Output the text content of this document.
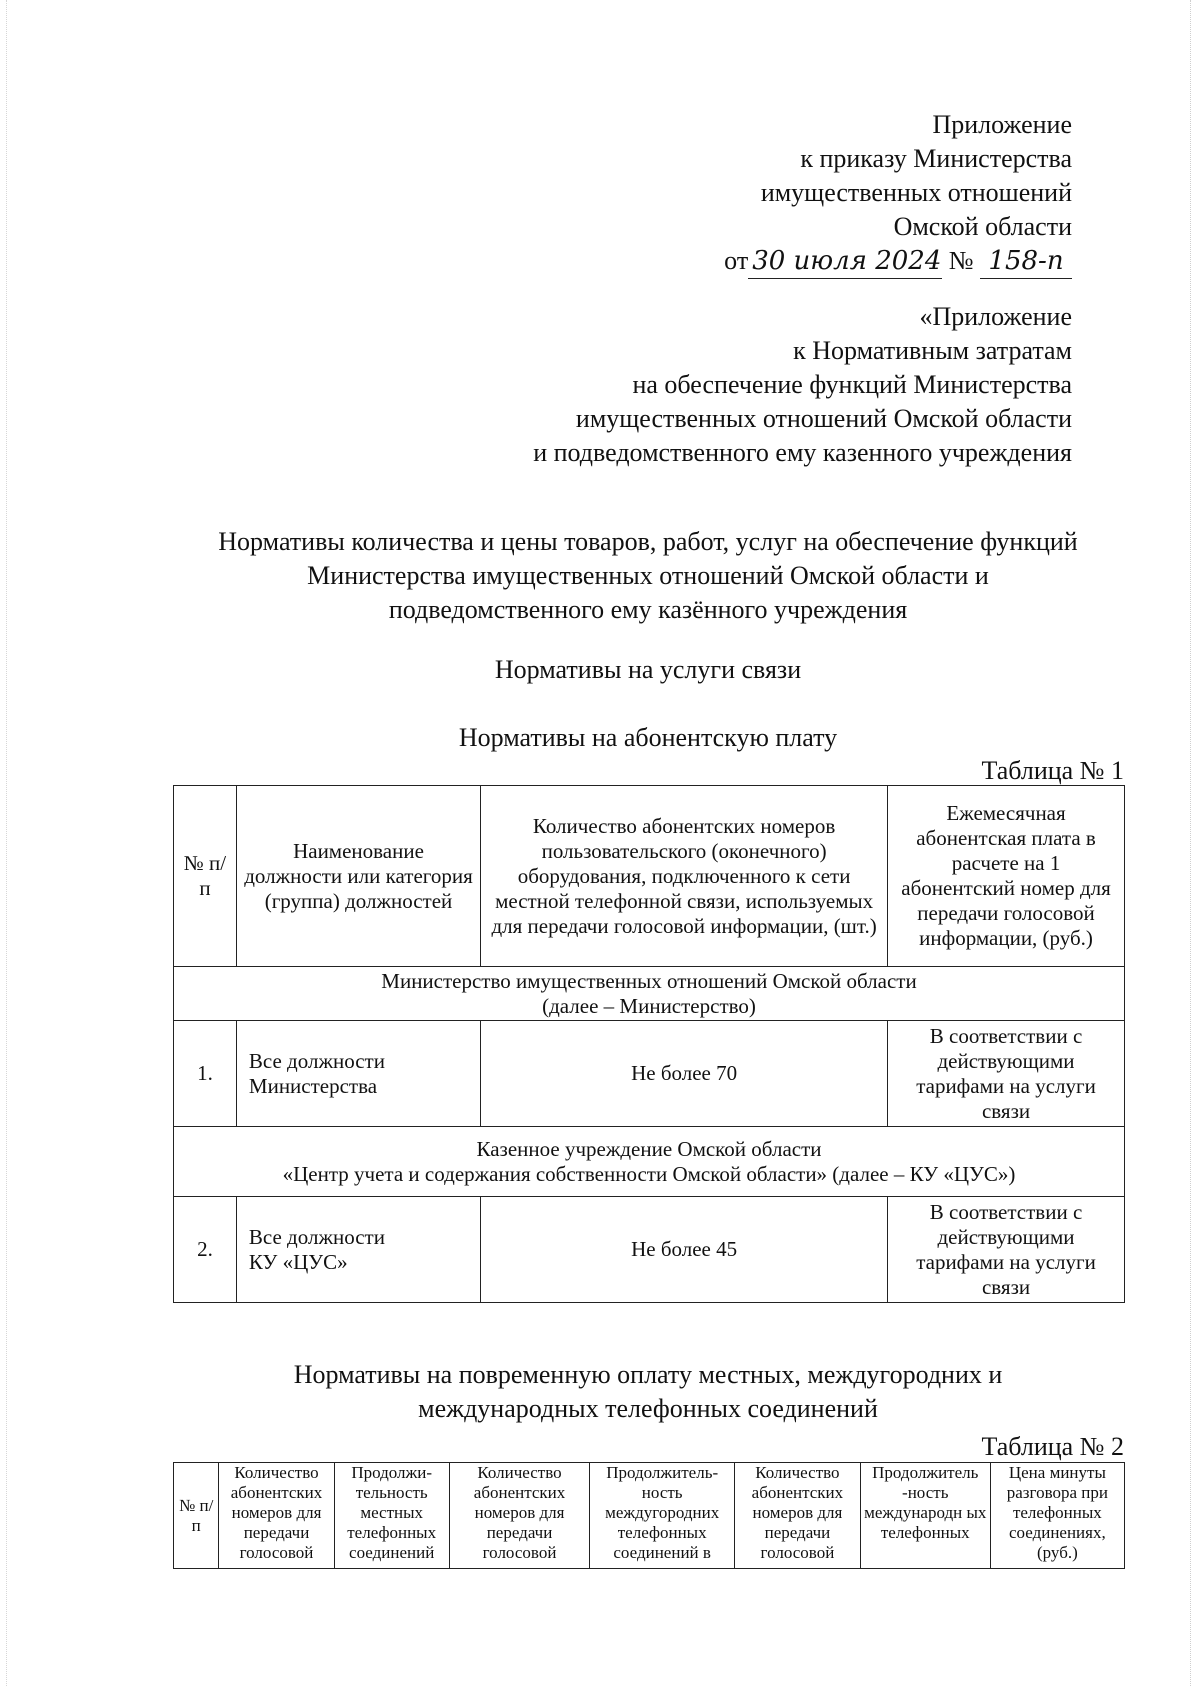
Приложение
к приказу Министерства
имущественных отношений
Омской области
от 30 июля 2024 № 158-п
«Приложение
к Нормативным затратам
на обеспечение функций Министерства
имущественных отношений Омской области
и подведомственного ему казенного учреждения
Нормативы количества и цены товаров, работ, услуг на обеспечение функций
Министерства имущественных отношений Омской области и
подведомственного ему казённого учреждения
Нормативы на услуги связи
Нормативы на абонентскую плату
Таблица № 1
№ п/п	Наименование должности или категория (группа) должностей	Количество абонентских номеров пользовательского (оконечного) оборудования, подключенного к сети местной телефонной связи, используемых для передачи голосовой информации, (шт.)	Ежемесячная абонентская плата в расчете на 1 абонентский номер для передачи голосовой информации, (руб.)

Министерство имущественных отношений Омской области
(далее – Министерство)			

1.	Все должности
Министерства	Не более 70	В соответствии с действующими тарифами на услуги связи

Казенное учреждение Омской области
«Центр учета и содержания собственности Омской области» (далее – КУ «ЦУС»)			

2.	Все должности
КУ «ЦУС»	Не более 45	В соответствии с действующими тарифами на услуги связи
Нормативы на повременную оплату местных, междугородних и
международных телефонных соединений
Таблица № 2
№ п/п	Количество абонентских номеров для передачи голосовой	Продолжи-тельность местных телефонных соединений	Количество абонентских номеров для передачи голосовой	Продолжитель-ность междугородних телефонных соединений в	Количество абонентских номеров для передачи голосовой	Продолжитель -ность международн ых телефонных	Цена минуты разговора при телефонных соединениях, (руб.)
